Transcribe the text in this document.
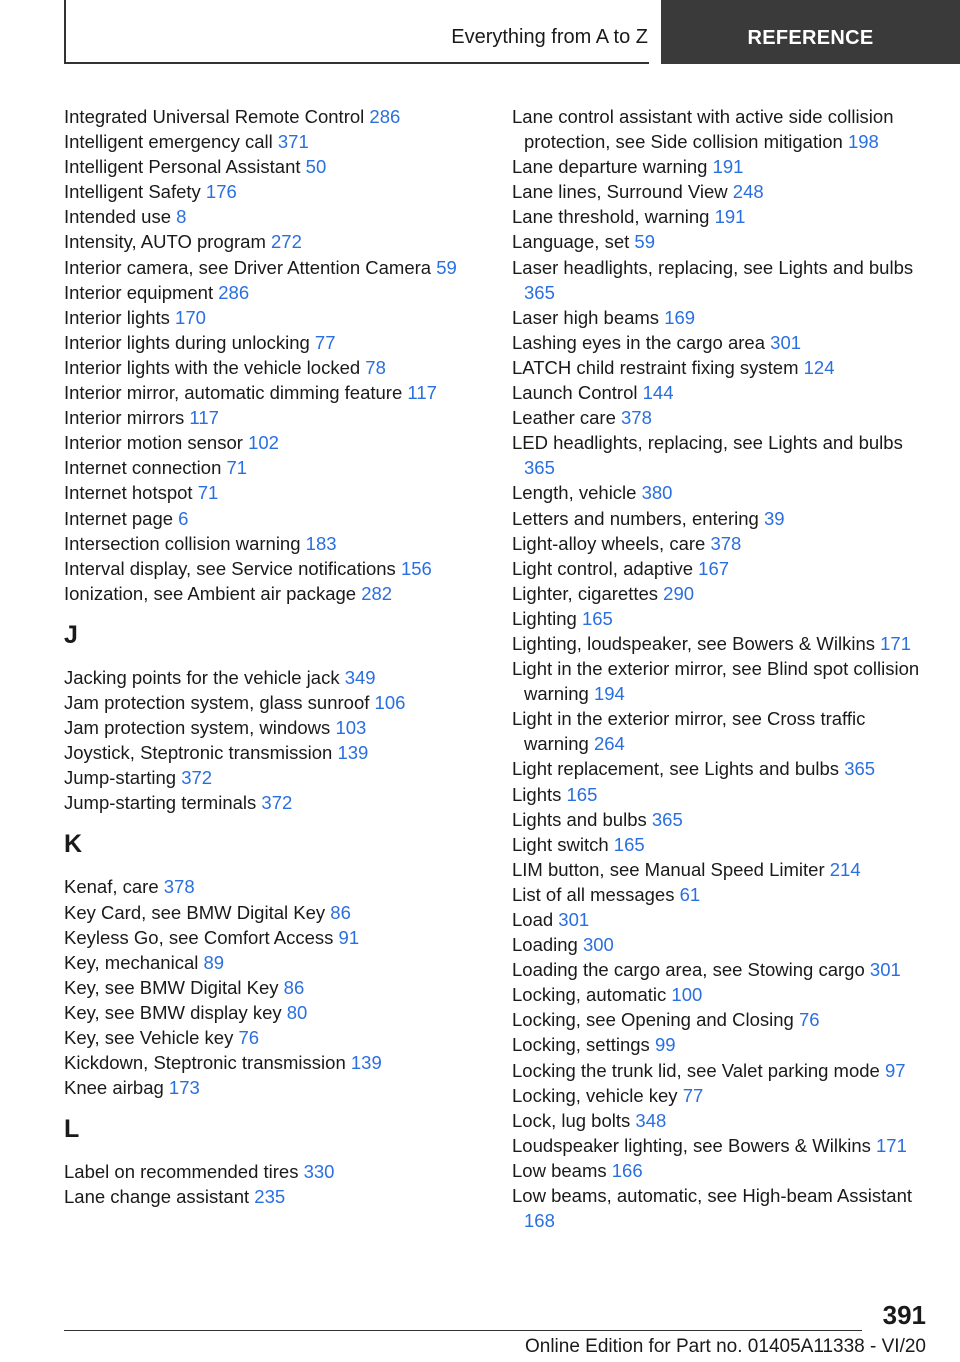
Everything from A to Z	REFERENCE
Integrated Universal Remote Control 286
Intelligent emergency call 371
Intelligent Personal Assistant 50
Intelligent Safety 176
Intended use 8
Intensity, AUTO program 272
Interior camera, see Driver Attention Camera 59
Interior equipment 286
Interior lights 170
Interior lights during unlocking 77
Interior lights with the vehicle locked 78
Interior mirror, automatic dimming feature 117
Interior mirrors 117
Interior motion sensor 102
Internet connection 71
Internet hotspot 71
Internet page 6
Intersection collision warning 183
Interval display, see Service notifications 156
Ionization, see Ambient air package 282
J
Jacking points for the vehicle jack 349
Jam protection system, glass sunroof 106
Jam protection system, windows 103
Joystick, Steptronic transmission 139
Jump-starting 372
Jump-starting terminals 372
K
Kenaf, care 378
Key Card, see BMW Digital Key 86
Keyless Go, see Comfort Access 91
Key, mechanical 89
Key, see BMW Digital Key 86
Key, see BMW display key 80
Key, see Vehicle key 76
Kickdown, Steptronic transmission 139
Knee airbag 173
L
Label on recommended tires 330
Lane change assistant 235
Lane control assistant with active side collision protection, see Side collision mitigation 198
Lane departure warning 191
Lane lines, Surround View 248
Lane threshold, warning 191
Language, set 59
Laser headlights, replacing, see Lights and bulbs 365
Laser high beams 169
Lashing eyes in the cargo area 301
LATCH child restraint fixing system 124
Launch Control 144
Leather care 378
LED headlights, replacing, see Lights and bulbs 365
Length, vehicle 380
Letters and numbers, entering 39
Light-alloy wheels, care 378
Light control, adaptive 167
Lighter, cigarettes 290
Lighting 165
Lighting, loudspeaker, see Bowers & Wilkins 171
Light in the exterior mirror, see Blind spot collision warning 194
Light in the exterior mirror, see Cross traffic warning 264
Light replacement, see Lights and bulbs 365
Lights 165
Lights and bulbs 365
Light switch 165
LIM button, see Manual Speed Limiter 214
List of all messages 61
Load 301
Loading 300
Loading the cargo area, see Stowing cargo 301
Locking, automatic 100
Locking, see Opening and Closing 76
Locking, settings 99
Locking the trunk lid, see Valet parking mode 97
Locking, vehicle key 77
Lock, lug bolts 348
Loudspeaker lighting, see Bowers & Wilkins 171
Low beams 166
Low beams, automatic, see High-beam Assistant 168
391
Online Edition for Part no. 01405A11338 - VI/20
